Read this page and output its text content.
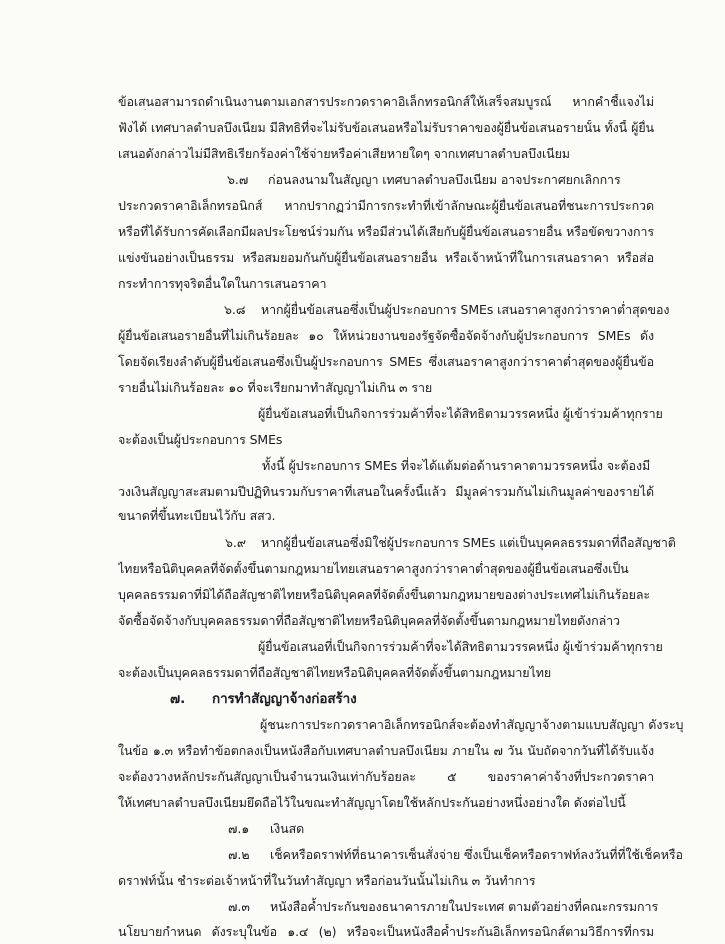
ข้อเสนอสามารถดำเนินงานตามเอกสารประกวดราคาอิเล็กทรอนิกส์ให้เสร็จสมบูรณ์ หากคำชี้แจงไม่
ฟังได้ เทศบาลตำบลบึงเนียม มีสิทธิที่จะไม่รับข้อเสนอหรือไม่รับราคาของผู้ยื่นข้อเสนอรายนั้น ทั้งนี้ ผู้ยื่น
เสนอดังกล่าวไม่มีสิทธิเรียกร้องค่าใช้จ่ายหรือค่าเสียหายใดๆ จากเทศบาลตำบลบึงเนียม
๖.๗ ก่อนลงนามในสัญญา เทศบาลตำบลบึงเนียม อาจประกาศยกเลิกการ
ประกวดราคาอิเล็กทรอนิกส์ หากปรากฏว่ามีการกระทำที่เข้าลักษณะผู้ยื่นข้อเสนอที่ชนะการประกวด
หรือที่ได้รับการคัดเลือกมีผลประโยชน์ร่วมกัน หรือมีส่วนได้เสียกับผู้ยื่นข้อเสนอรายอื่น หรือขัดขวางการ
แข่งขันอย่างเป็นธรรม หรือสมยอมกันกับผู้ยื่นข้อเสนอรายอื่น หรือเจ้าหน้าที่ในการเสนอราคา หรือส่อ
กระทำการทุจริตอื่นใดในการเสนอราคา
๖.๘ หากผู้ยื่นข้อเสนอซึ่งเป็นผู้ประกอบการ SMEs เสนอราคาสูงกว่าราคาต่ำสุดของ
ผู้ยื่นข้อเสนอรายอื่นที่ไม่เกินร้อยละ ๑๐ ให้หน่วยงานของรัฐจัดซื้อจัดจ้างกับผู้ประกอบการ SMEs ดัง
โดยจัดเรียงลำดับผู้ยื่นข้อเสนอซึ่งเป็นผู้ประกอบการ SMEs ซึ่งเสนอราคาสูงกว่าราคาต่ำสุดของผู้ยื่นข้อ
รายอื่นไม่เกินร้อยละ ๑๐ ที่จะเรียกมาทำสัญญาไม่เกิน ๓ ราย
ผู้ยื่นข้อเสนอที่เป็นกิจการร่วมค้าที่จะได้สิทธิตามวรรคหนึ่ง ผู้เข้าร่วมค้าทุกราย
จะต้องเป็นผู้ประกอบการ SMEs
ทั้งนี้ ผู้ประกอบการ SMEs ที่จะได้แต้มต่อด้านราคาตามวรรคหนึ่ง จะต้องมี
วงเงินสัญญาสะสมตามปีปฏิทินรวมกับราคาที่เสนอในครั้งนี้แล้ว มีมูลค่ารวมกันไม่เกินมูลค่าของรายได้
ขนาดที่ขึ้นทะเบียนไว้กับ สสว.
๖.๙ หากผู้ยื่นข้อเสนอซึ่งมิใช่ผู้ประกอบการ SMEs แต่เป็นบุคคลธรรมดาที่ถือสัญชาติ
ไทยหรือนิติบุคคลที่จัดตั้งขึ้นตามกฎหมายไทยเสนอราคาสูงกว่าราคาต่ำสุดของผู้ยื่นข้อเสนอซึ่งเป็น
บุคคลธรรมดาที่มิได้ถือสัญชาติไทยหรือนิติบุคคลที่จัดตั้งขึ้นตามกฎหมายของต่างประเทศไม่เกินร้อยละ
จัดซื้อจัดจ้างกับบุคคลธรรมดาที่ถือสัญชาติไทยหรือนิติบุคคลที่จัดตั้งขึ้นตามกฎหมายไทยดังกล่าว
ผู้ยื่นข้อเสนอที่เป็นกิจการร่วมค้าที่จะได้สิทธิตามวรรคหนึ่ง ผู้เข้าร่วมค้าทุกราย
จะต้องเป็นบุคคลธรรมดาที่ถือสัญชาติไทยหรือนิติบุคคลที่จัดตั้งขึ้นตามกฎหมายไทย
๗. การทำสัญญาจ้างก่อสร้าง
ผู้ชนะการประกวดราคาอิเล็กทรอนิกส์จะต้องทำสัญญาจ้างตามแบบสัญญา ดังระบุ
ในข้อ ๑.๓ หรือทำข้อตกลงเป็นหนังสือกับเทศบาลตำบลบึงเนียม ภายใน ๗ วัน นับถัดจากวันที่ได้รับแจ้ง
จะต้องวางหลักประกันสัญญาเป็นจำนวนเงินเท่ากับร้อยละ ๕ ของราคาค่าจ้างที่ประกวดราคา
ให้เทศบาลตำบลบึงเนียมยึดถือไว้ในขณะทำสัญญาโดยใช้หลักประกันอย่างหนึ่งอย่างใด ดังต่อไปนี้
๗.๑ เงินสด
๗.๒ เช็คหรือดราฟท์ที่ธนาคารเซ็นสั่งจ่าย ซึ่งเป็นเช็คหรือดราฟท์ลงวันที่ที่ใช้เช็คหรือ
ดราฟท์นั้น ชำระต่อเจ้าหน้าที่ในวันทำสัญญา หรือก่อนวันนั้นไม่เกิน ๓ วันทำการ
๗.๓ หนังสือค้ำประกันของธนาคารภายในประเทศ ตามตัวอย่างที่คณะกรรมการ
นโยบายกำหนด ดังระบุในข้อ ๑.๔ (๒) หรือจะเป็นหนังสือค้ำประกันอิเล็กทรอนิกส์ตามวิธีการที่กรม
